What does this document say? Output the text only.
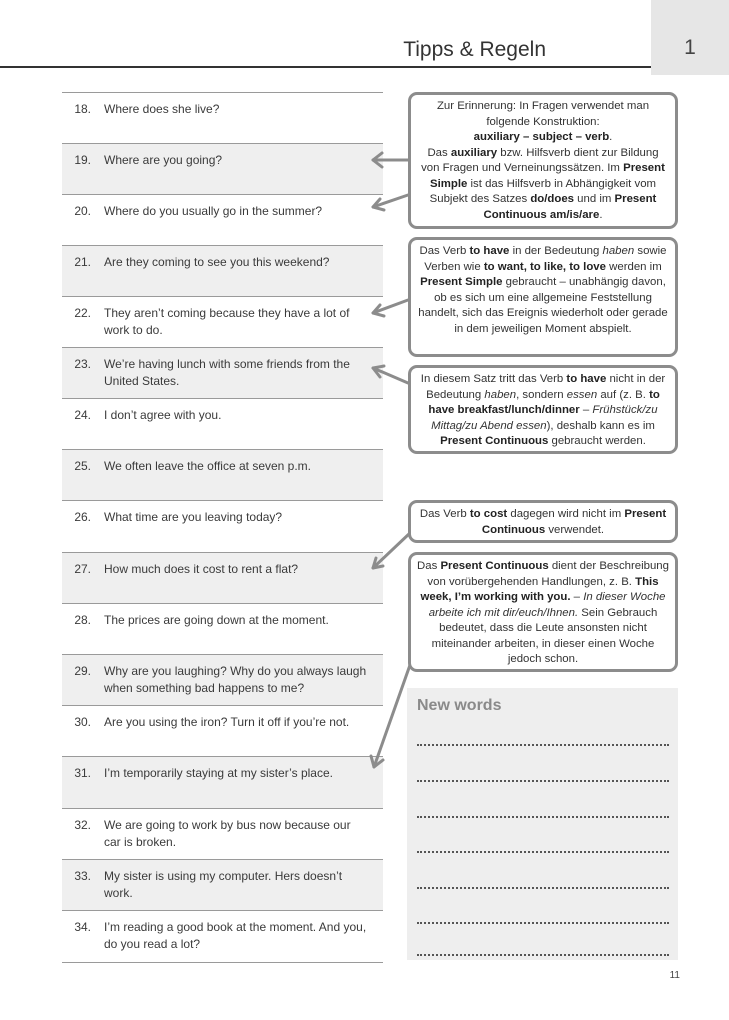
Tipps & Regeln	1
18. Where does she live?
19. Where are you going?
20. Where do you usually go in the summer?
21. Are they coming to see you this weekend?
22. They aren’t coming because they have a lot of work to do.
23. We’re having lunch with some friends from the United States.
24. I don’t agree with you.
25. We often leave the office at seven p.m.
26. What time are you leaving today?
27. How much does it cost to rent a flat?
28. The prices are going down at the moment.
29. Why are you laughing? Why do you always laugh when something bad happens to me?
30. Are you using the iron? Turn it off if you’re not.
31. I’m temporarily staying at my sister’s place.
32. We are going to work by bus now because our car is broken.
33. My sister is using my computer. Hers doesn’t work.
34. I’m reading a good book at the moment. And you, do you read a lot?
Zur Erinnerung: In Fragen verwendet man folgende Konstruktion:
auxiliary – subject – verb.
Das auxiliary bzw. Hilfsverb dient zur Bildung von Fragen und Verneinungssätzen. Im Present Simple ist das Hilfsverb in Abhängigkeit vom Subjekt des Satzes do/does und im Present Continuous am/is/are.
Das Verb to have in der Bedeutung haben sowie Verben wie to want, to like, to love werden im Present Simple gebraucht – unabhängig davon, ob es sich um eine allgemeine Feststellung handelt, sich das Ereignis wiederholt oder gerade in dem jeweiligen Moment abspielt.
In diesem Satz tritt das Verb to have nicht in der Bedeutung haben, sondern essen auf (z. B. to have breakfast/lunch/dinner – Frühstück/zu Mittag/zu Abend essen), deshalb kann es im Present Continuous gebraucht werden.
Das Verb to cost dagegen wird nicht im Present Continuous verwendet.
Das Present Continuous dient der Beschreibung von vorübergehenden Handlungen, z. B. This week, I’m working with you. – In dieser Woche arbeite ich mit dir/euch/Ihnen. Sein Gebrauch bedeutet, dass die Leute ansonsten nicht miteinander arbeiten, in dieser einen Woche jedoch schon.
New words
11
